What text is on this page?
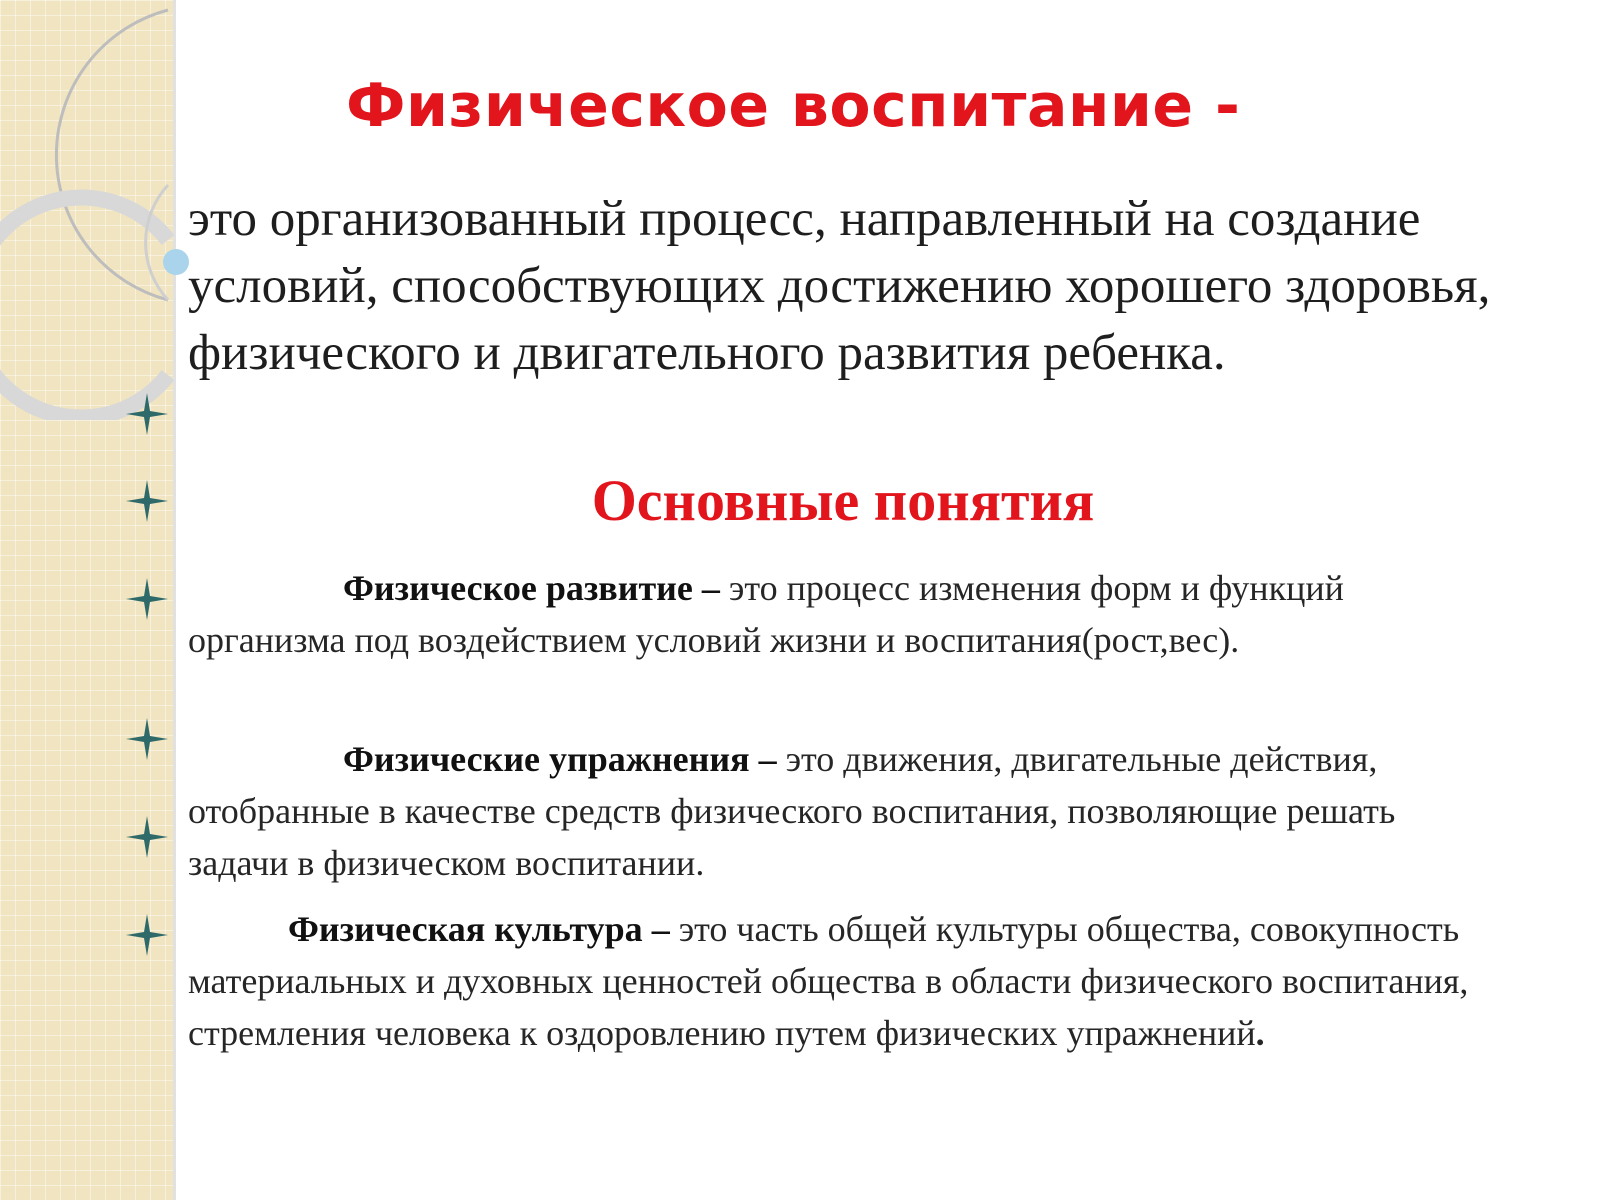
Физическое воспитание -

это организованный процесс, направленный на создание условий, способствующих достижению хорошего здоровья, физического и двигательного развития ребенка.

Основные понятия

Физическое развитие – это процесс изменения форм и функций организма под воздействием условий жизни и воспитания(рост,вес).

Физические упражнения – это движения, двигательные действия, отобранные в качестве средств физического воспитания, позволяющие решать задачи в физическом воспитании.

Физическая культура – это часть общей культуры общества, совокупность материальных и духовных ценностей общества в области физического воспитания, стремления человека к оздоровлению путем физических упражнений.
